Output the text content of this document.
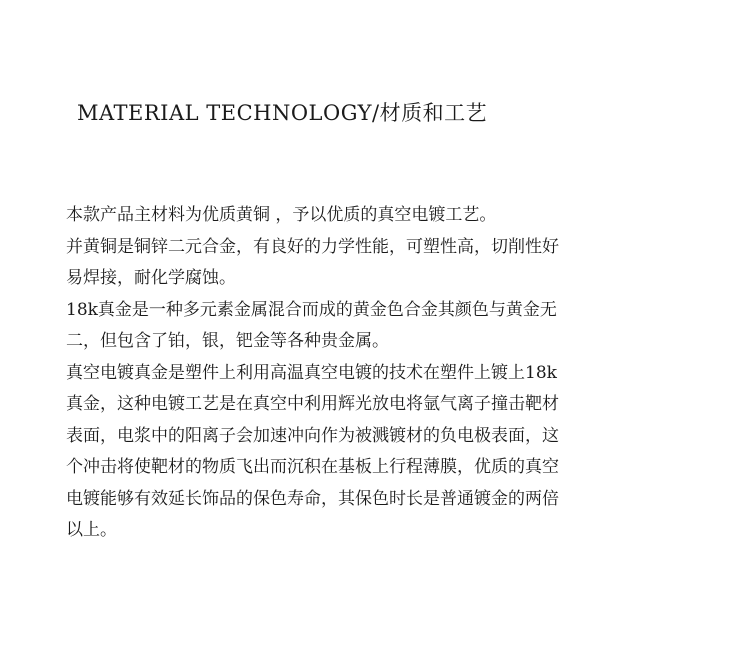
MATERIAL TECHNOLOGY/材质和工艺
本款产品主材料为优质黄铜 ，予以优质的真空电镀工艺。
并黄铜是铜锌二元合金，有良好的力学性能，可塑性高，切削性好
易焊接，耐化学腐蚀。
18k真金是一种多元素金属混合而成的黄金色合金其颜色与黄金无
二，但包含了铂，银，钯金等各种贵金属。
真空电镀真金是塑件上利用高温真空电镀的技术在塑件上镀上18k
真金，这种电镀工艺是在真空中利用辉光放电将氩气离子撞击靶材
表面，电浆中的阳离子会加速冲向作为被溅镀材的负电极表面，这
个冲击将使靶材的物质飞出而沉积在基板上行程薄膜，优质的真空
电镀能够有效延长饰品的保色寿命，其保色时长是普通镀金的两倍
以上。
